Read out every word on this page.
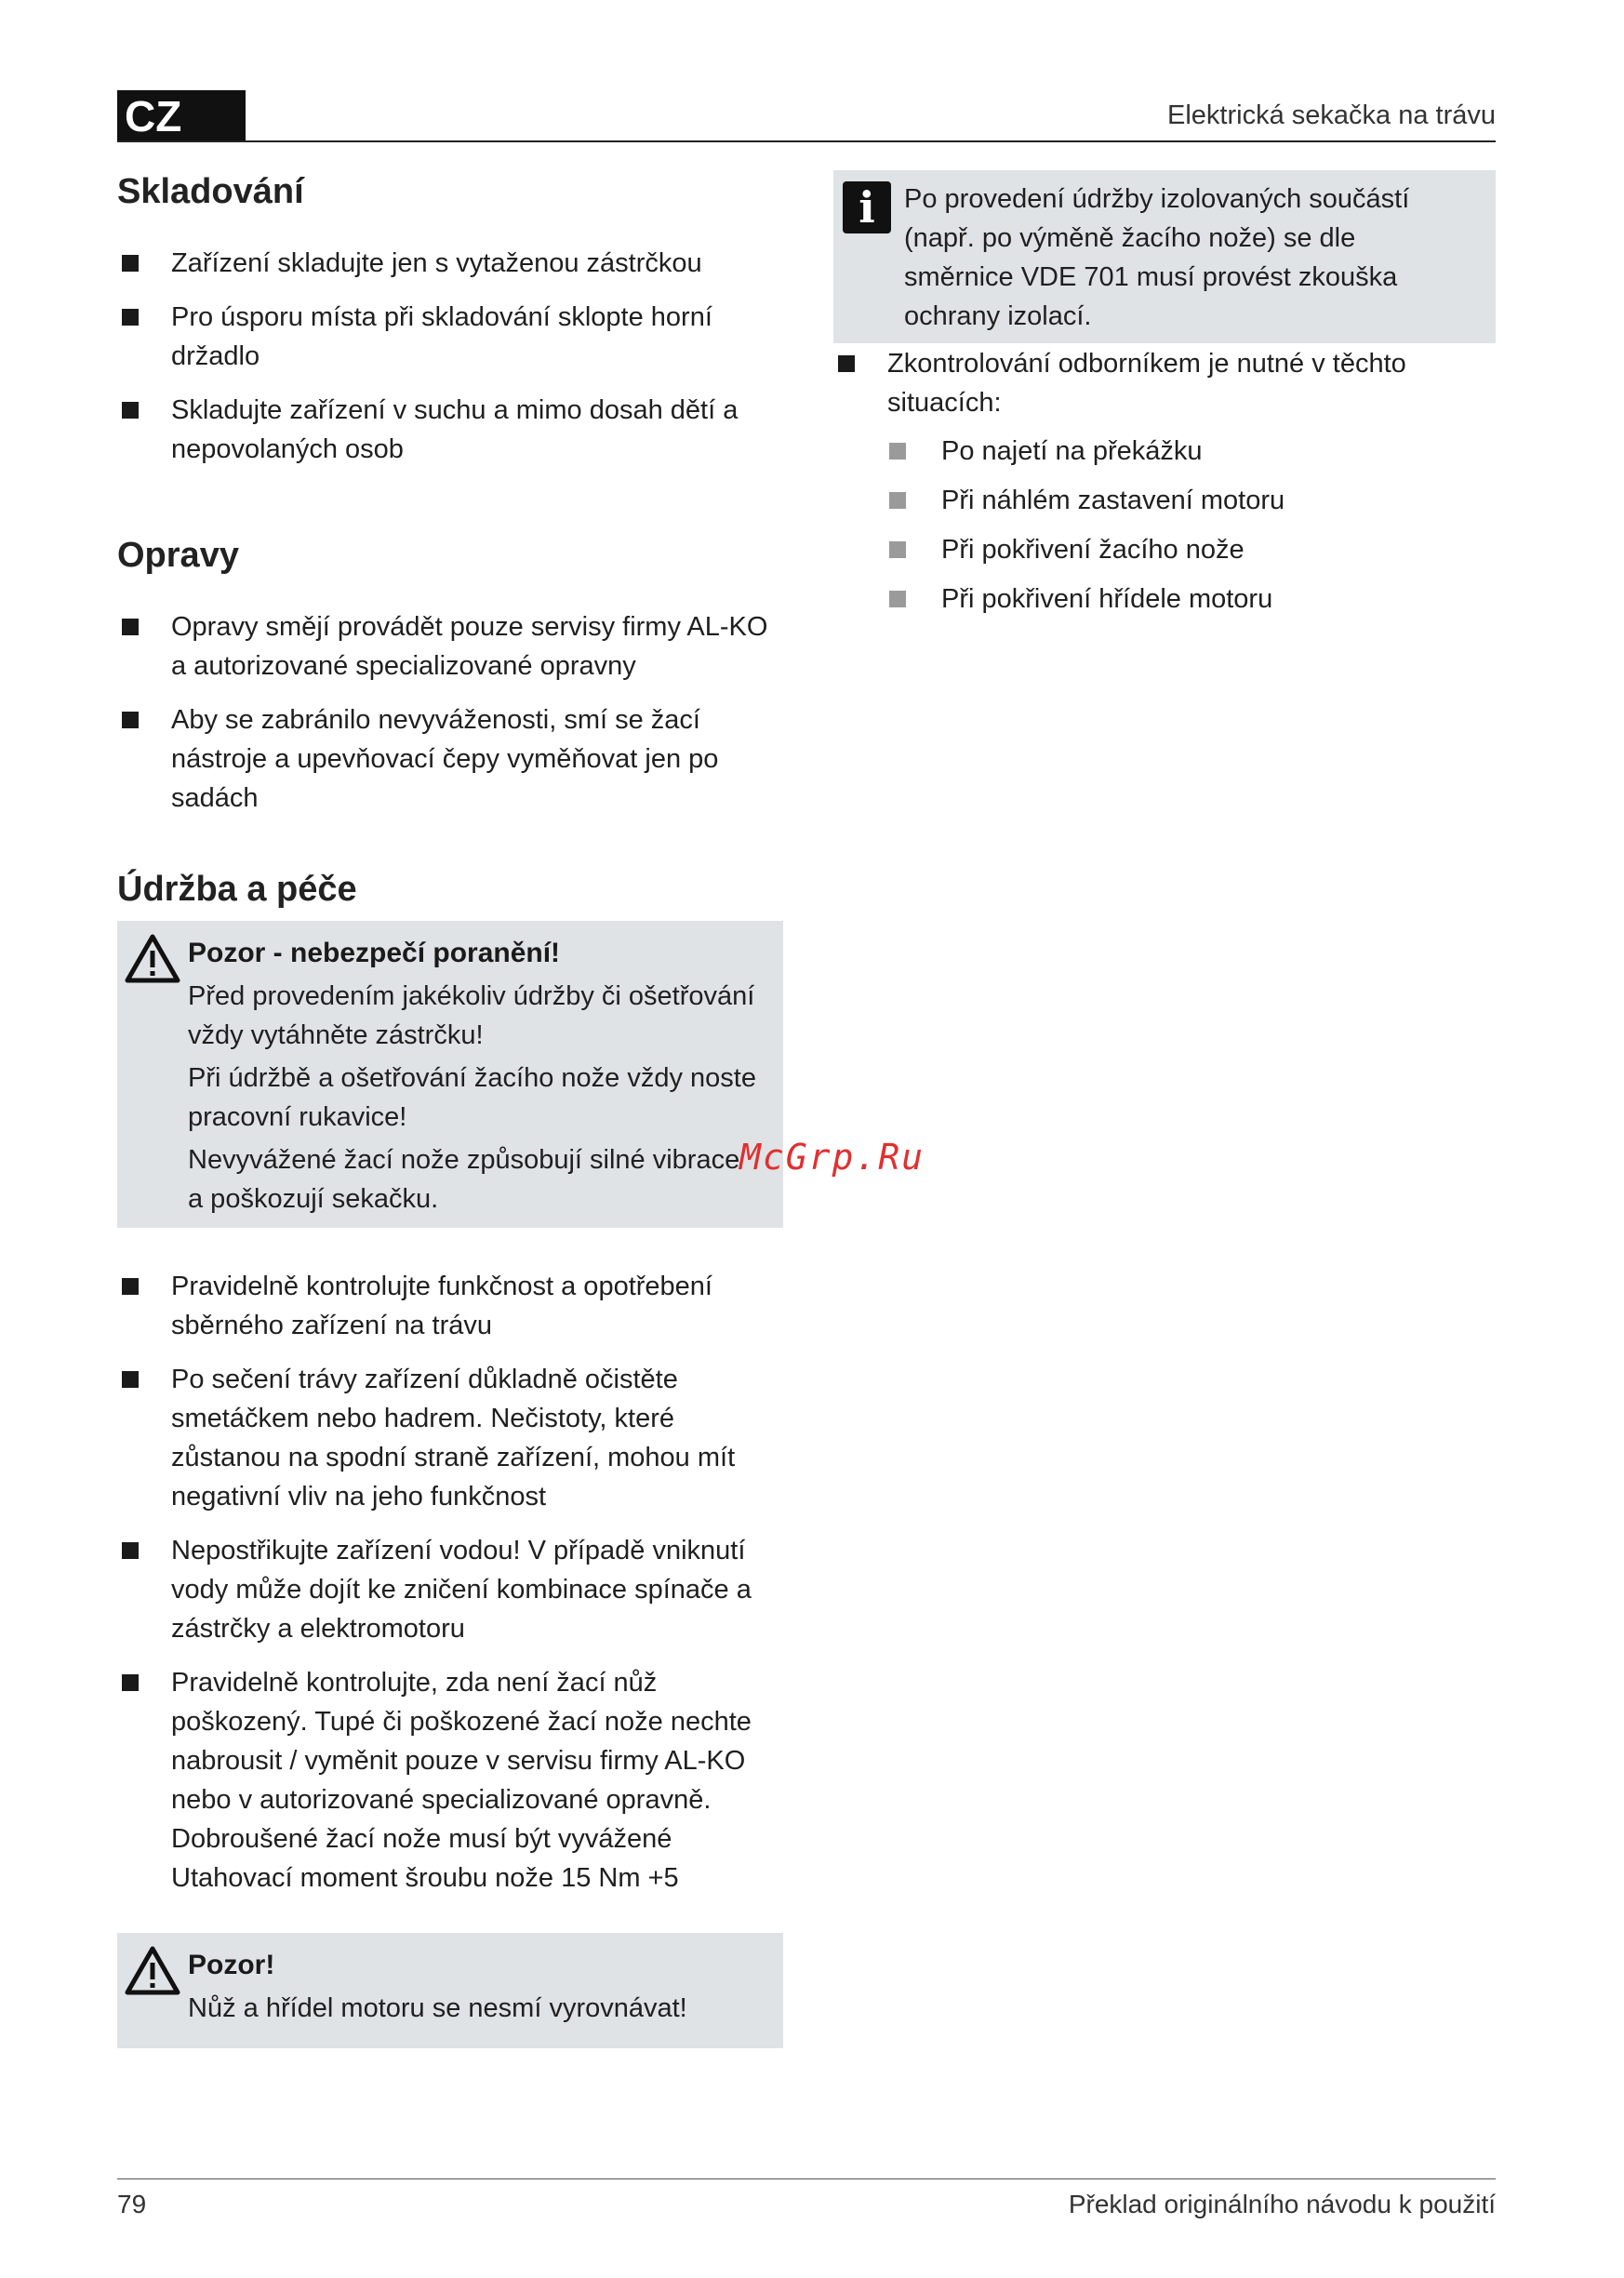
CZ	Elektrická sekačka na trávu
Skladování
Zařízení skladujte jen s vytaženou zástrčkou
Pro úsporu místa při skladování sklopte horní držadlo
Skladujte zařízení v suchu a mimo dosah dětí a nepovolaných osob
Opravy
Opravy smějí provádět pouze servisy firmy AL-KO a autorizované specializované opravny
Aby se zabránilo nevyváženosti, smí se žací nástroje a upevňovací čepy vyměňovat jen po sadách
Údržba a péče
Pozor - nebezpečí poranění!
Před provedením jakékoliv údržby či ošetřování vždy vytáhněte zástrčku!
Při údržbě a ošetřování žacího nože vždy noste pracovní rukavice!
Nevyvážené žací nože způsobují silné vibrace a poškozují sekačku.
Pravidelně kontrolujte funkčnost a opotřebení sběrného zařízení na trávu
Po sečení trávy zařízení důkladně očistěte smetáčkem nebo hadrem. Nečistoty, které zůstanou na spodní straně zařízení, mohou mít negativní vliv na jeho funkčnost
Nepostřikujte zařízení vodou! V případě vniknutí vody může dojít ke zničení kombinace spínače a zástrčky a elektromotoru
Pravidelně kontrolujte, zda není žací nůž poškozený. Tupé či poškozené žací nože nechte nabrousit / vyměnit pouze v servisu firmy AL-KO nebo v autorizované specializované opravně. Dobroušené žací nože musí být vyvážené
Utahovací moment šroubu nože 15 Nm +5
Pozor!
Nůž a hřídel motoru se nesmí vyrovnávat!
i	Po provedení údržby izolovaných součástí (např. po výměně žacího nože) se dle směrnice VDE 701 musí provést zkouška ochrany izolací.
Zkontrolování odborníkem je nutné v těchto situacích:
Po najetí na překážku
Při náhlém zastavení motoru
Při pokřivení žacího nože
Při pokřivení hřídele motoru
McGrp.Ru
79	Překlad originálního návodu k použití
